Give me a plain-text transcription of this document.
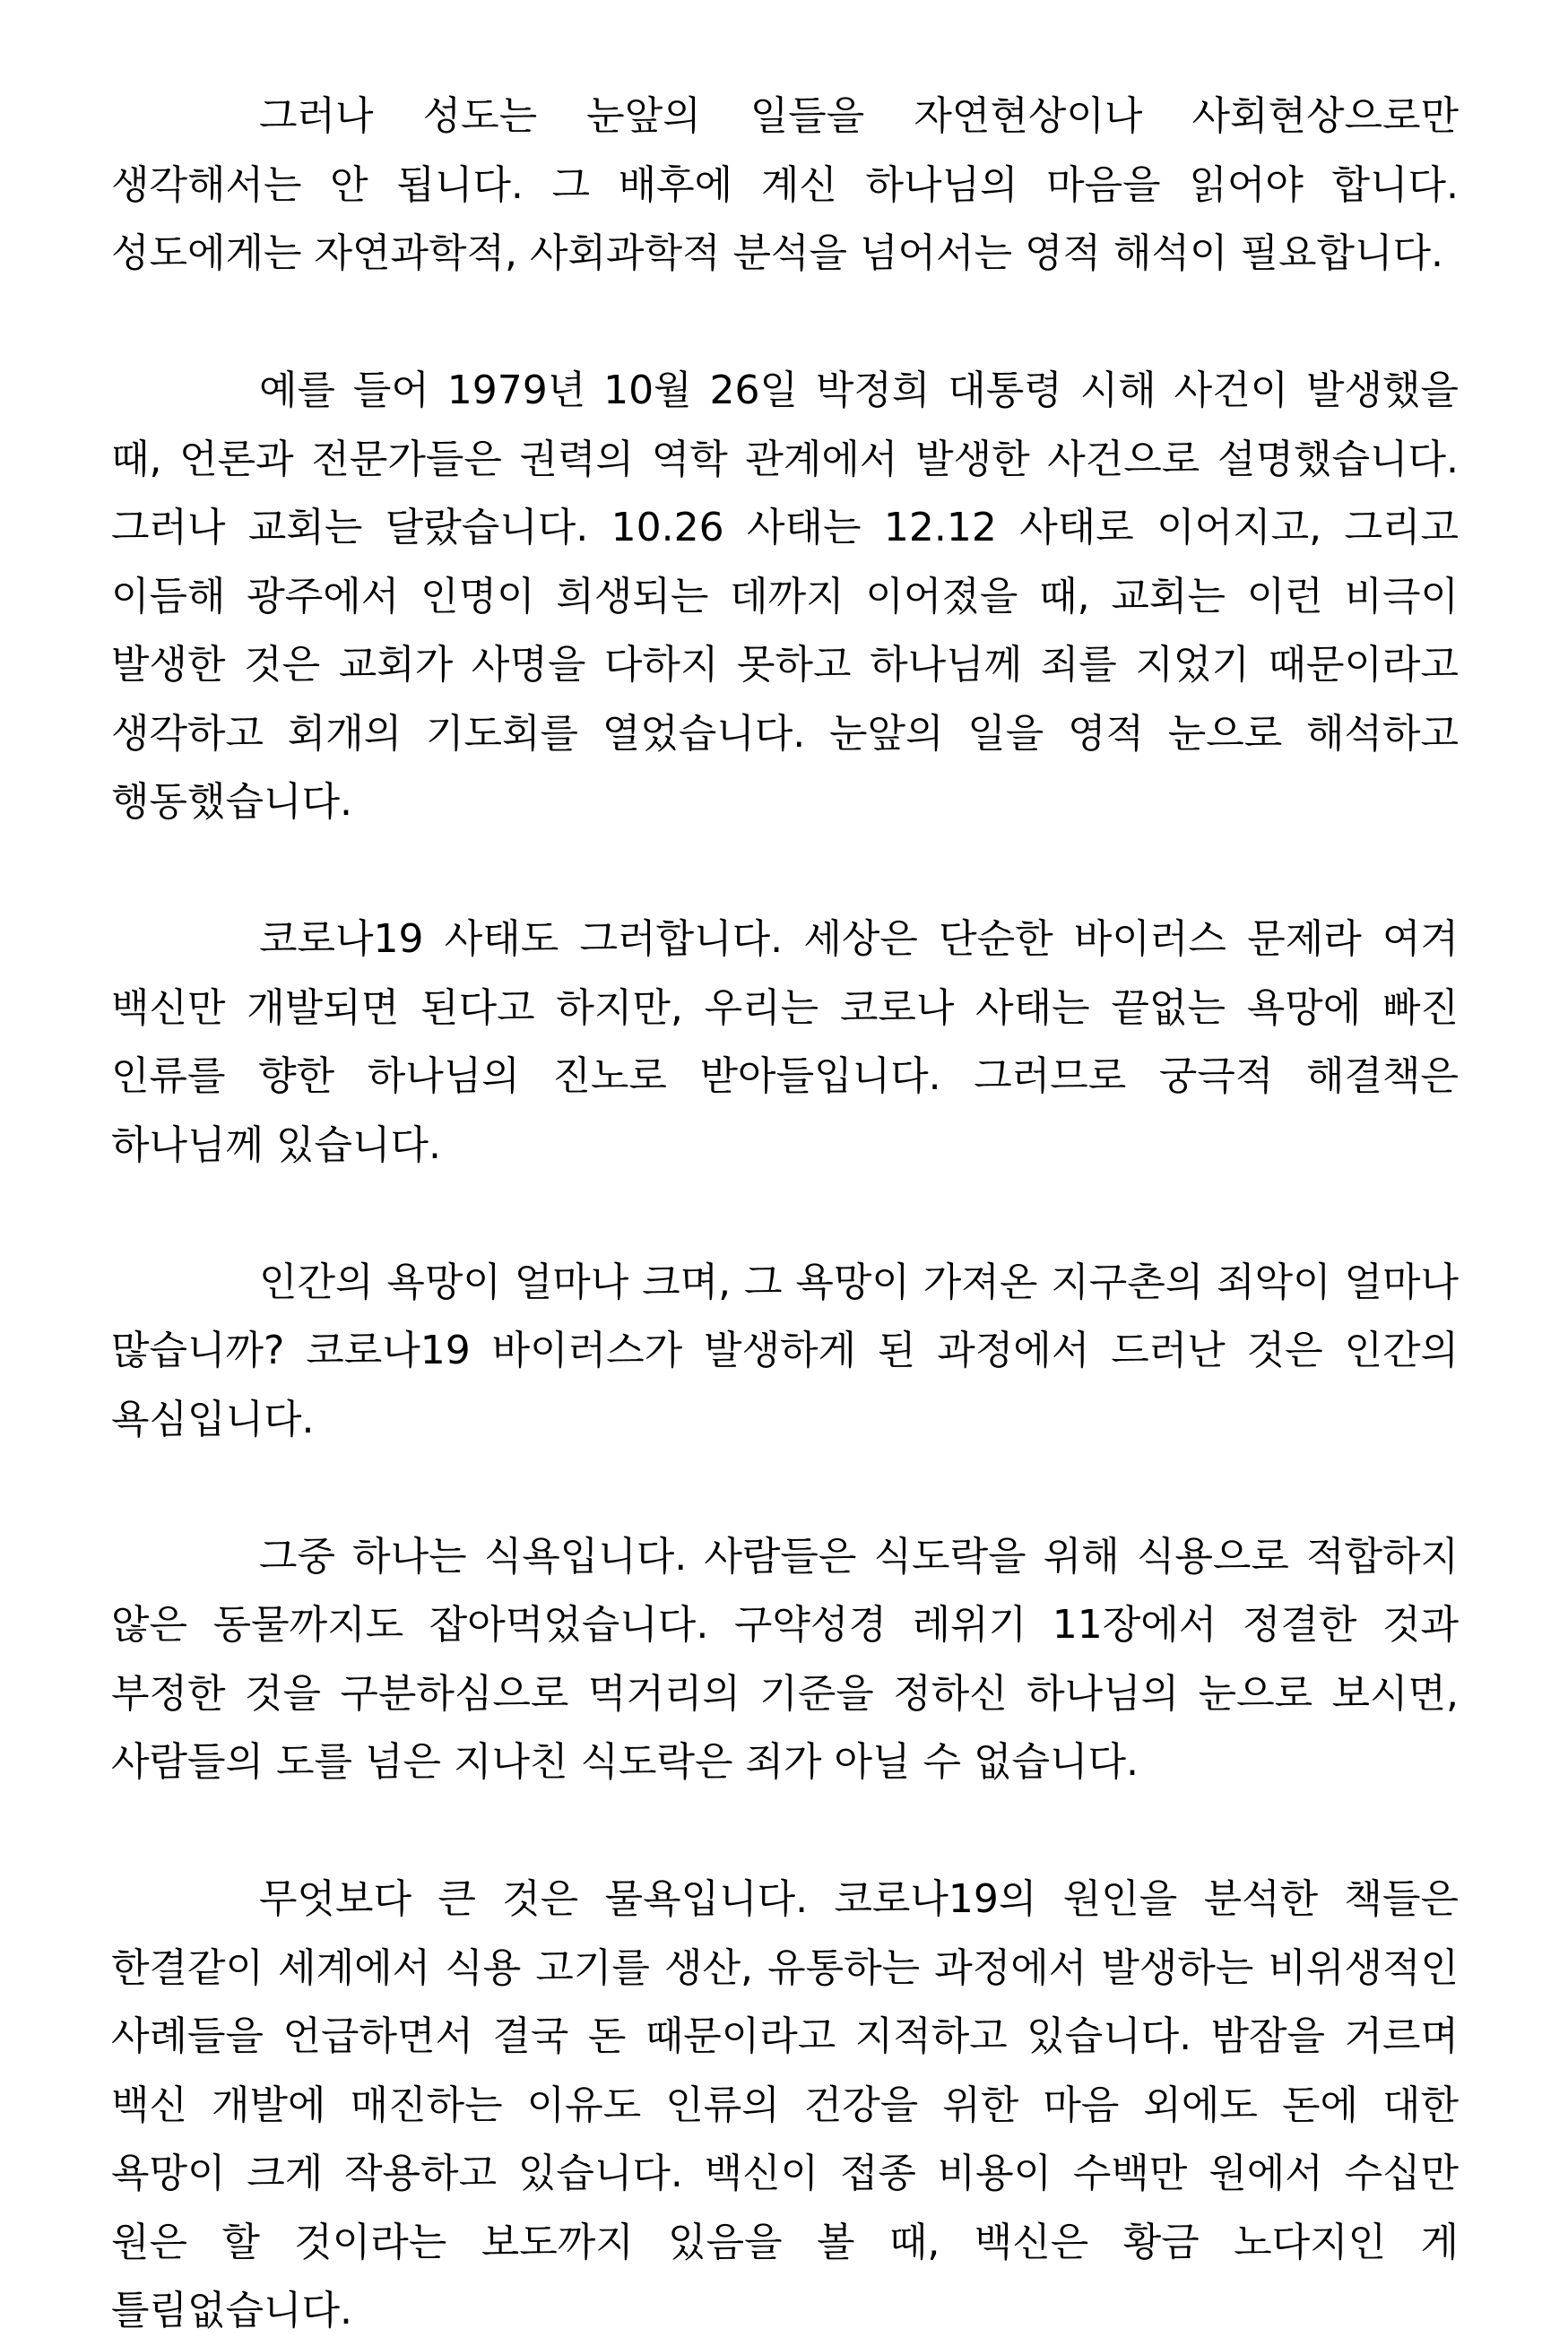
그러나 성도는 눈앞의 일들을 자연현상이나 사회현상으로만 생각해서는 안 됩니다. 그 배후에 계신 하나님의 마음을 읽어야 합니다. 성도에게는 자연과학적, 사회과학적 분석을 넘어서는 영적 해석이 필요합니다.

예를 들어 1979년 10월 26일 박정희 대통령 시해 사건이 발생했을 때, 언론과 전문가들은 권력의 역학 관계에서 발생한 사건으로 설명했습니다. 그러나 교회는 달랐습니다. 10.26 사태는 12.12 사태로 이어지고, 그리고 이듬해 광주에서 인명이 희생되는 데까지 이어졌을 때, 교회는 이런 비극이 발생한 것은 교회가 사명을 다하지 못하고 하나님께 죄를 지었기 때문이라고 생각하고 회개의 기도회를 열었습니다. 눈앞의 일을 영적 눈으로 해석하고 행동했습니다.

코로나19 사태도 그러합니다. 세상은 단순한 바이러스 문제라 여겨 백신만 개발되면 된다고 하지만, 우리는 코로나 사태는 끝없는 욕망에 빠진 인류를 향한 하나님의 진노로 받아들입니다. 그러므로 궁극적 해결책은 하나님께 있습니다.

인간의 욕망이 얼마나 크며, 그 욕망이 가져온 지구촌의 죄악이 얼마나 많습니까? 코로나19 바이러스가 발생하게 된 과정에서 드러난 것은 인간의 욕심입니다.

그중 하나는 식욕입니다. 사람들은 식도락을 위해 식용으로 적합하지 않은 동물까지도 잡아먹었습니다. 구약성경 레위기 11장에서 정결한 것과 부정한 것을 구분하심으로 먹거리의 기준을 정하신 하나님의 눈으로 보시면, 사람들의 도를 넘은 지나친 식도락은 죄가 아닐 수 없습니다.

무엇보다 큰 것은 물욕입니다. 코로나19의 원인을 분석한 책들은 한결같이 세계에서 식용 고기를 생산, 유통하는 과정에서 발생하는 비위생적인 사례들을 언급하면서 결국 돈 때문이라고 지적하고 있습니다. 밤잠을 거르며 백신 개발에 매진하는 이유도 인류의 건강을 위한 마음 외에도 돈에 대한 욕망이 크게 작용하고 있습니다. 백신이 접종 비용이 수백만 원에서 수십만 원은 할 것이라는 보도까지 있음을 볼 때, 백신은 황금 노다지인 게 틀림없습니다.
